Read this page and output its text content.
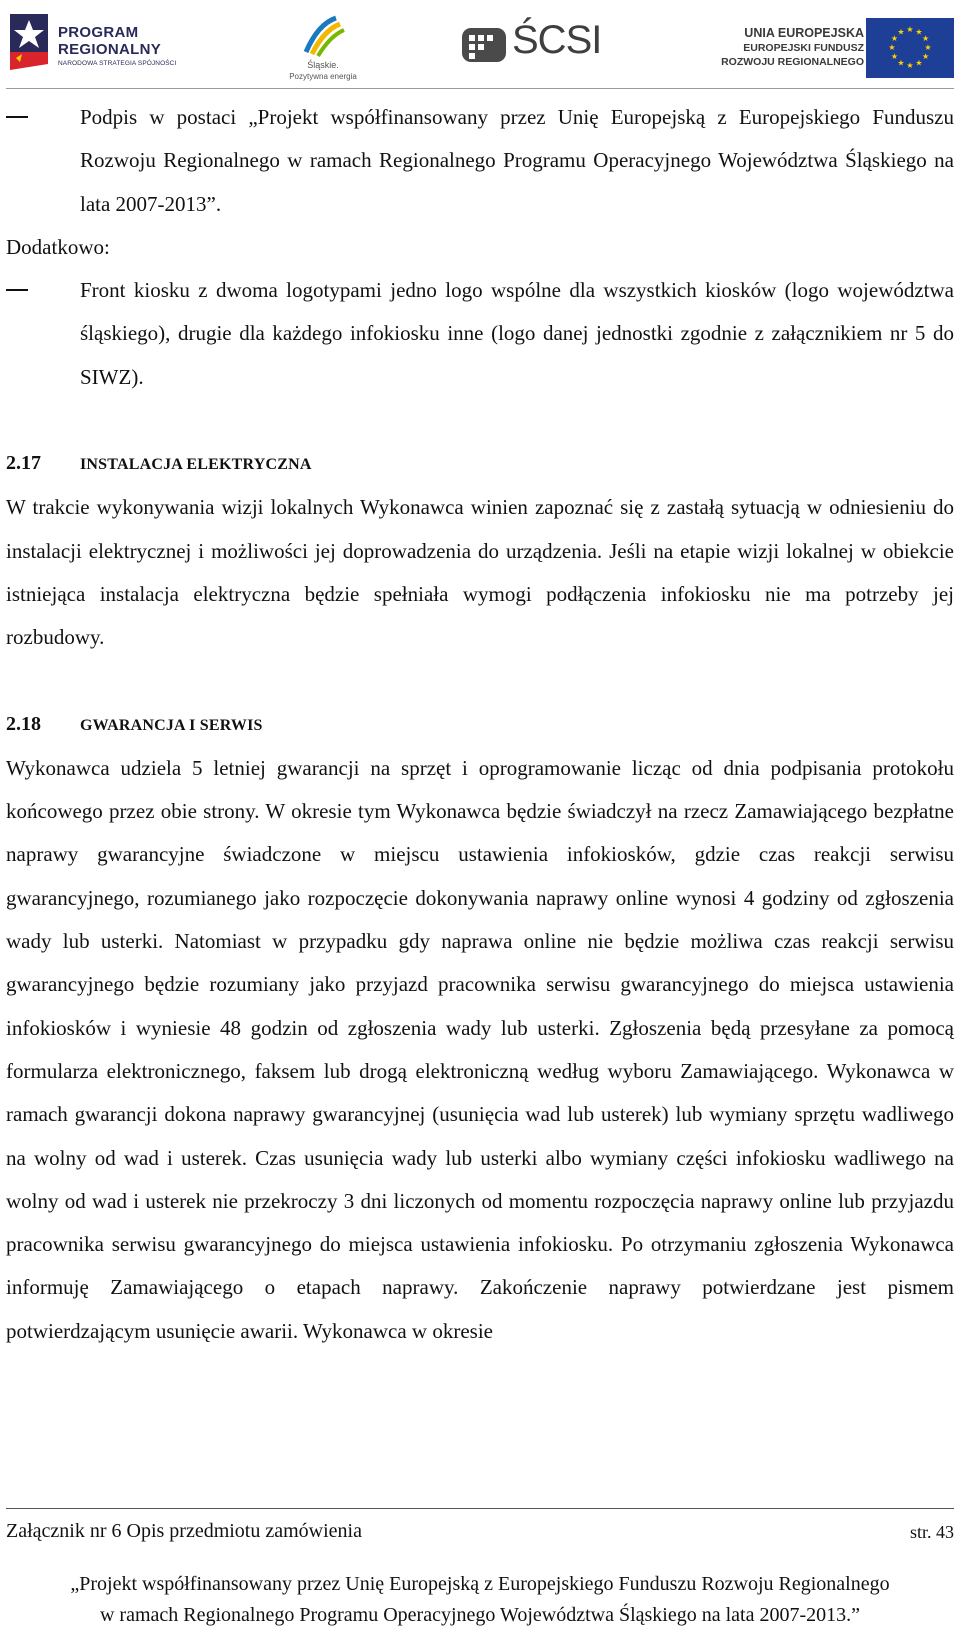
PROGRAM
REGIONALNY
NARODOWA STRATEGIA SPÓJNOŚCI	Śląskie.
Pozytywna energia
ŚCSI	UNIA EUROPEJSKA
EUROPEJSKI FUNDUSZ
ROZWOJU REGIONALNEGO
★ ★
★
★
★
★
★
★
★
★
★
★
Podpis w postaci „Projekt współfinansowany przez Unię Europejską z Europejskiego Funduszu Rozwoju Regionalnego w ramach Regionalnego Programu Operacyjnego Województwa Śląskiego na lata 2007-2013”.
Dodatkowo:
Front kiosku z dwoma logotypami jedno logo wspólne dla wszystkich kiosków (logo województwa śląskiego), drugie dla każdego infokiosku inne (logo danej jednostki zgodnie z załącznikiem nr 5 do SIWZ).
2.17 INSTALACJA ELEKTRYCZNA
W trakcie wykonywania wizji lokalnych Wykonawca winien zapoznać się z zastałą sytuacją w odniesieniu do instalacji elektrycznej i możliwości jej doprowadzenia do urządzenia. Jeśli na etapie wizji lokalnej w obiekcie istniejąca instalacja elektryczna będzie spełniała wymogi podłączenia infokiosku nie ma potrzeby jej rozbudowy.
2.18 GWARANCJA I SERWIS
Wykonawca udziela 5 letniej gwarancji na sprzęt i oprogramowanie licząc od dnia podpisania protokołu końcowego przez obie strony. W okresie tym Wykonawca będzie świadczył na rzecz Zamawiającego bezpłatne naprawy gwarancyjne świadczone w miejscu ustawienia infokiosków, gdzie czas reakcji serwisu gwarancyjnego, rozumianego jako rozpoczęcie dokonywania naprawy online wynosi 4 godziny od zgłoszenia wady lub usterki. Natomiast w przypadku gdy naprawa online nie będzie możliwa czas reakcji serwisu gwarancyjnego będzie rozumiany jako przyjazd pracownika serwisu gwarancyjnego do miejsca ustawienia infokiosków i wyniesie 48 godzin od zgłoszenia wady lub usterki. Zgłoszenia będą przesyłane za pomocą formularza elektronicznego, faksem lub drogą elektroniczną według wyboru Zamawiającego. Wykonawca w ramach gwarancji dokona naprawy gwarancyjnej (usunięcia wad lub usterek) lub wymiany sprzętu wadliwego na wolny od wad i usterek. Czas usunięcia wady lub usterki albo wymiany części infokiosku wadliwego na wolny od wad i usterek nie przekroczy 3 dni liczonych od momentu rozpoczęcia naprawy online lub przyjazdu pracownika serwisu gwarancyjnego do miejsca ustawienia infokiosku. Po otrzymaniu zgłoszenia Wykonawca informuję Zamawiającego o etapach naprawy. Zakończenie naprawy potwierdzane jest pismem potwierdzającym usunięcie awarii. Wykonawca w okresie
Załącznik nr 6 Opis przedmiotu zamówienia	str. 43
„Projekt współfinansowany przez Unię Europejską z Europejskiego Funduszu Rozwoju Regionalnego
w ramach Regionalnego Programu Operacyjnego Województwa Śląskiego na lata 2007-2013.”
